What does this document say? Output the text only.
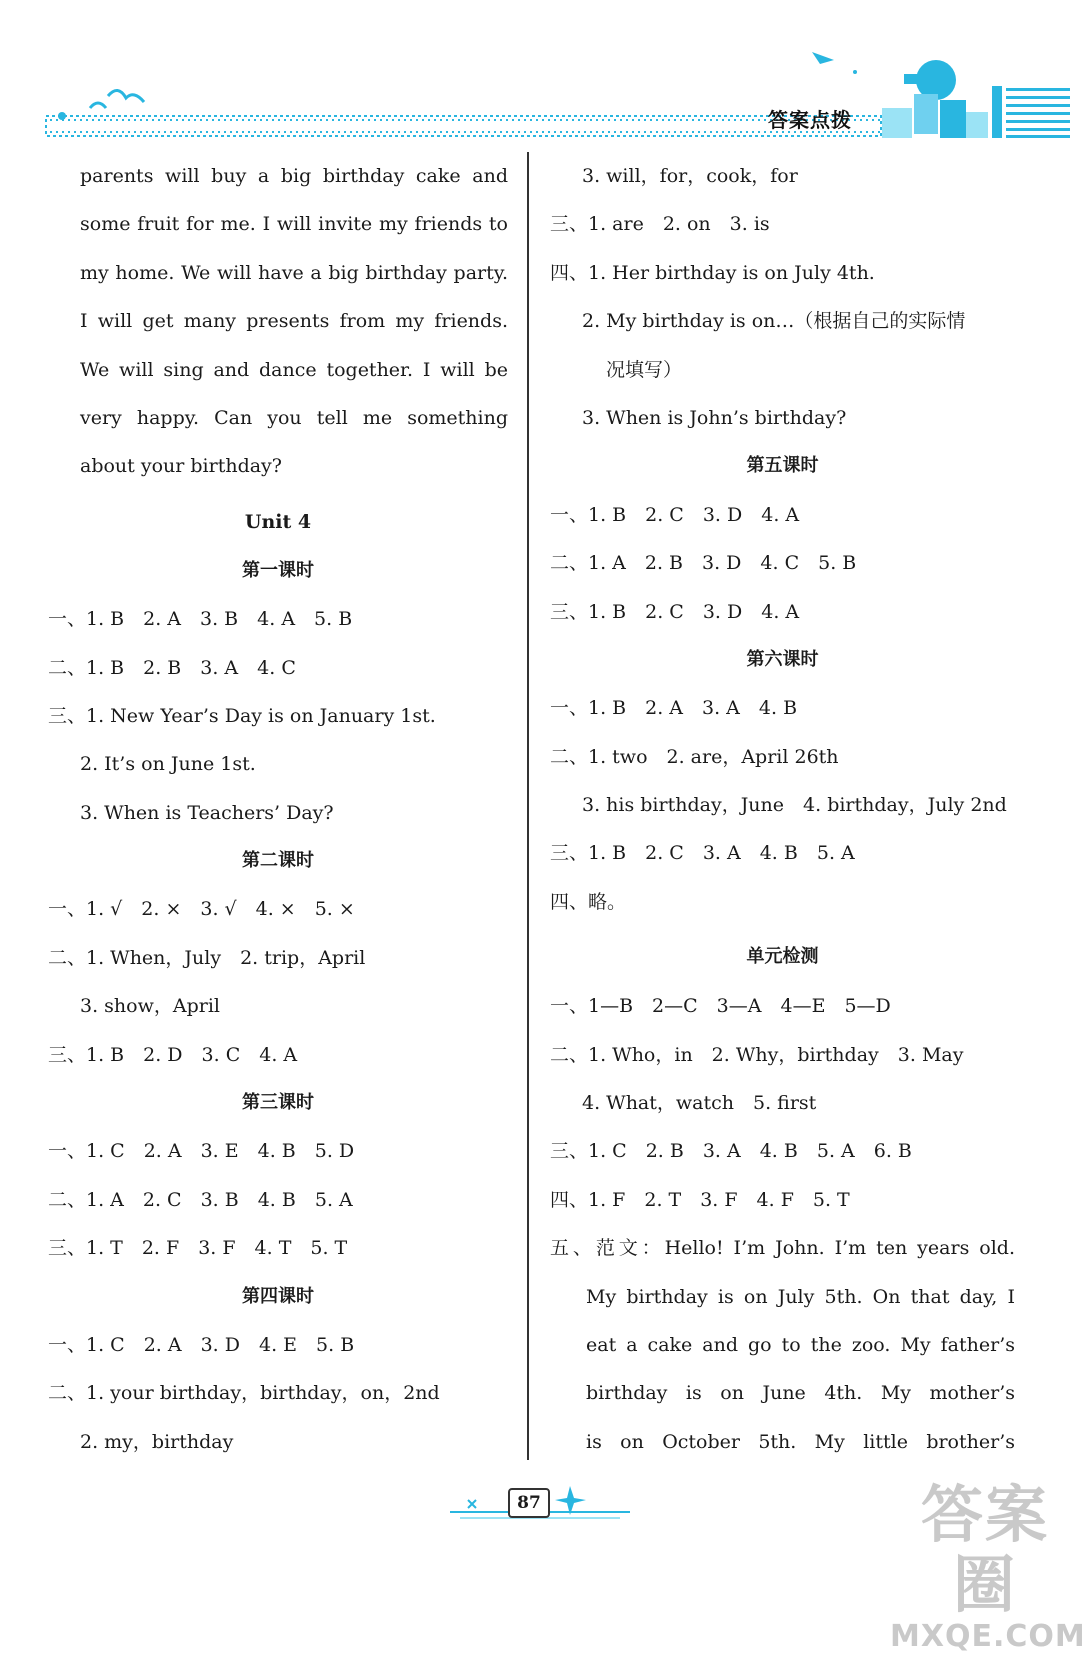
答案点拨
parents will buy a big birthday cake and
some fruit for me. I will invite my friends to
my home. We will have a big birthday party.
I will get many presents from my friends.
We will sing and dance together. I will be
very happy. Can you tell me something
about your birthday?
Unit 4
第一课时
一、1. B　2. A　3. B　4. A　5. B
二、1. B　2. B　3. A　4. C
三、1. New Year’s Day is on January 1st.
2. It’s on June 1st.
3. When is Teachers’ Day?
第二课时
一、1. √　2. ×　3. √　4. ×　5. ×
二、1. When，July　2. trip，April
3. show，April
三、1. B　2. D　3. C　4. A
第三课时
一、1. C　2. A　3. E　4. B　5. D
二、1. A　2. C　3. B　4. B　5. A
三、1. T　2. F　3. F　4. T　5. T
第四课时
一、1. C　2. A　3. D　4. E　5. B
二、1. your birthday，birthday，on，2nd
2. my，birthday
3. will，for，cook，for
三、1. are　2. on　3. is
四、1. Her birthday is on July 4th.
2. My birthday is on…（根据自己的实际情
况填写）
3. When is John’s birthday?
第五课时
一、1. B　2. C　3. D　4. A
二、1. A　2. B　3. D　4. C　5. B
三、1. B　2. C　3. D　4. A
第六课时
一、1. B　2. A　3. A　4. B
二、1. two　2. are，April 26th
3. his birthday，June　4. birthday，July 2nd
三、1. B　2. C　3. A　4. B　5. A
四、略。
单元检测
一、1—B　2—C　3—A　4—E　5—D
二、1. Who，in　2. Why，birthday　3. May
4. What，watch　5. first
三、1. C　2. B　3. A　4. B　5. A　6. B
四、1. F　2. T　3. F　4. F　5. T
五、范文：Hello! I’m John. I’m ten years old.
My birthday is on July 5th. On that day, I
eat a cake and go to the zoo. My father’s
birthday is on June 4th. My mother’s
is on October 5th. My little brother’s
87	答案圈
MXQE.COM
